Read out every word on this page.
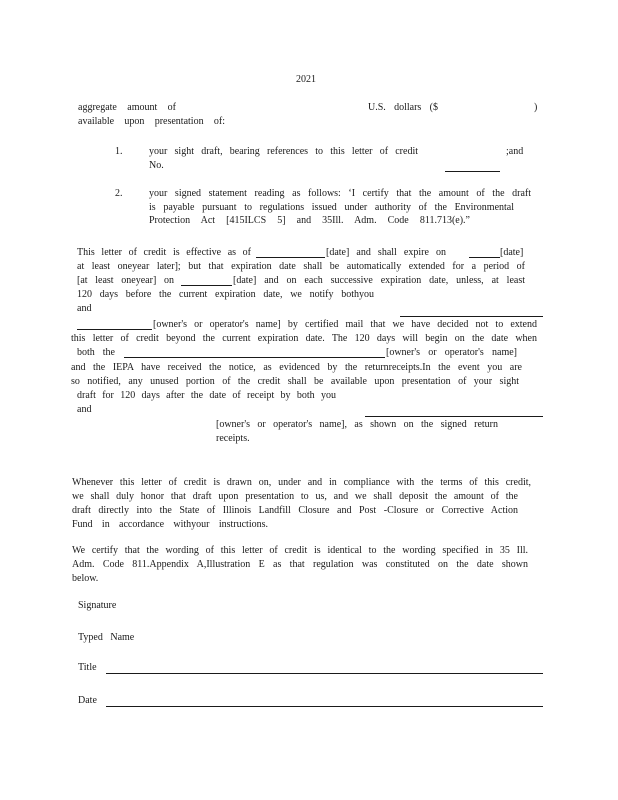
2021
aggregate amount of	U.S. dollars ($	)
available upon presentation of:
1.	your sight draft, bearing references to this letter of credit	;and
No.
2.	your signed statement reading as follows: ‘I certify that the amount of the draft
is payable pursuant to regulations issued under authority of the Environmental
Protection Act [415ILCS 5] and 35Ill. Adm. Code 811.713(e).”
This letter of credit is effective as of	[date] and shall expire on	[date]
at least oneyear later]; but that expiration date shall be automatically extended for a period of
[at least oneyear] on	[date] and on each successive expiration date, unless, at least
120 days before the current expiration date, we notify bothyou
and
[owner's or operator's name] by certified mail that we have decided not to extend
this letter of credit beyond the current expiration date. The 120 days will begin on the date when
both the	[owner's or operator's name]
and the IEPA have received the notice, as evidenced by the returnreceipts.In the event you are
so notified, any unused portion of the credit shall be available upon presentation of your sight
draft for 120 days after the date of receipt by both you
and
[owner's or operator's name], as shown on the signed return
receipts.
Whenever this letter of credit is drawn on, under and in compliance with the terms of this credit,
we shall duly honor that draft upon presentation to us, and we shall deposit the amount of the
draft directly into the State of Illinois Landfill Closure and Post -Closure or Corrective Action
Fund in accordance withyour instructions.
We certify that the wording of this letter of credit is identical to the wording specified in 35 Ill.
Adm. Code 811.Appendix A,Illustration E as that regulation was constituted on the date shown
below.
Signature
Typed Name
Title
Date
